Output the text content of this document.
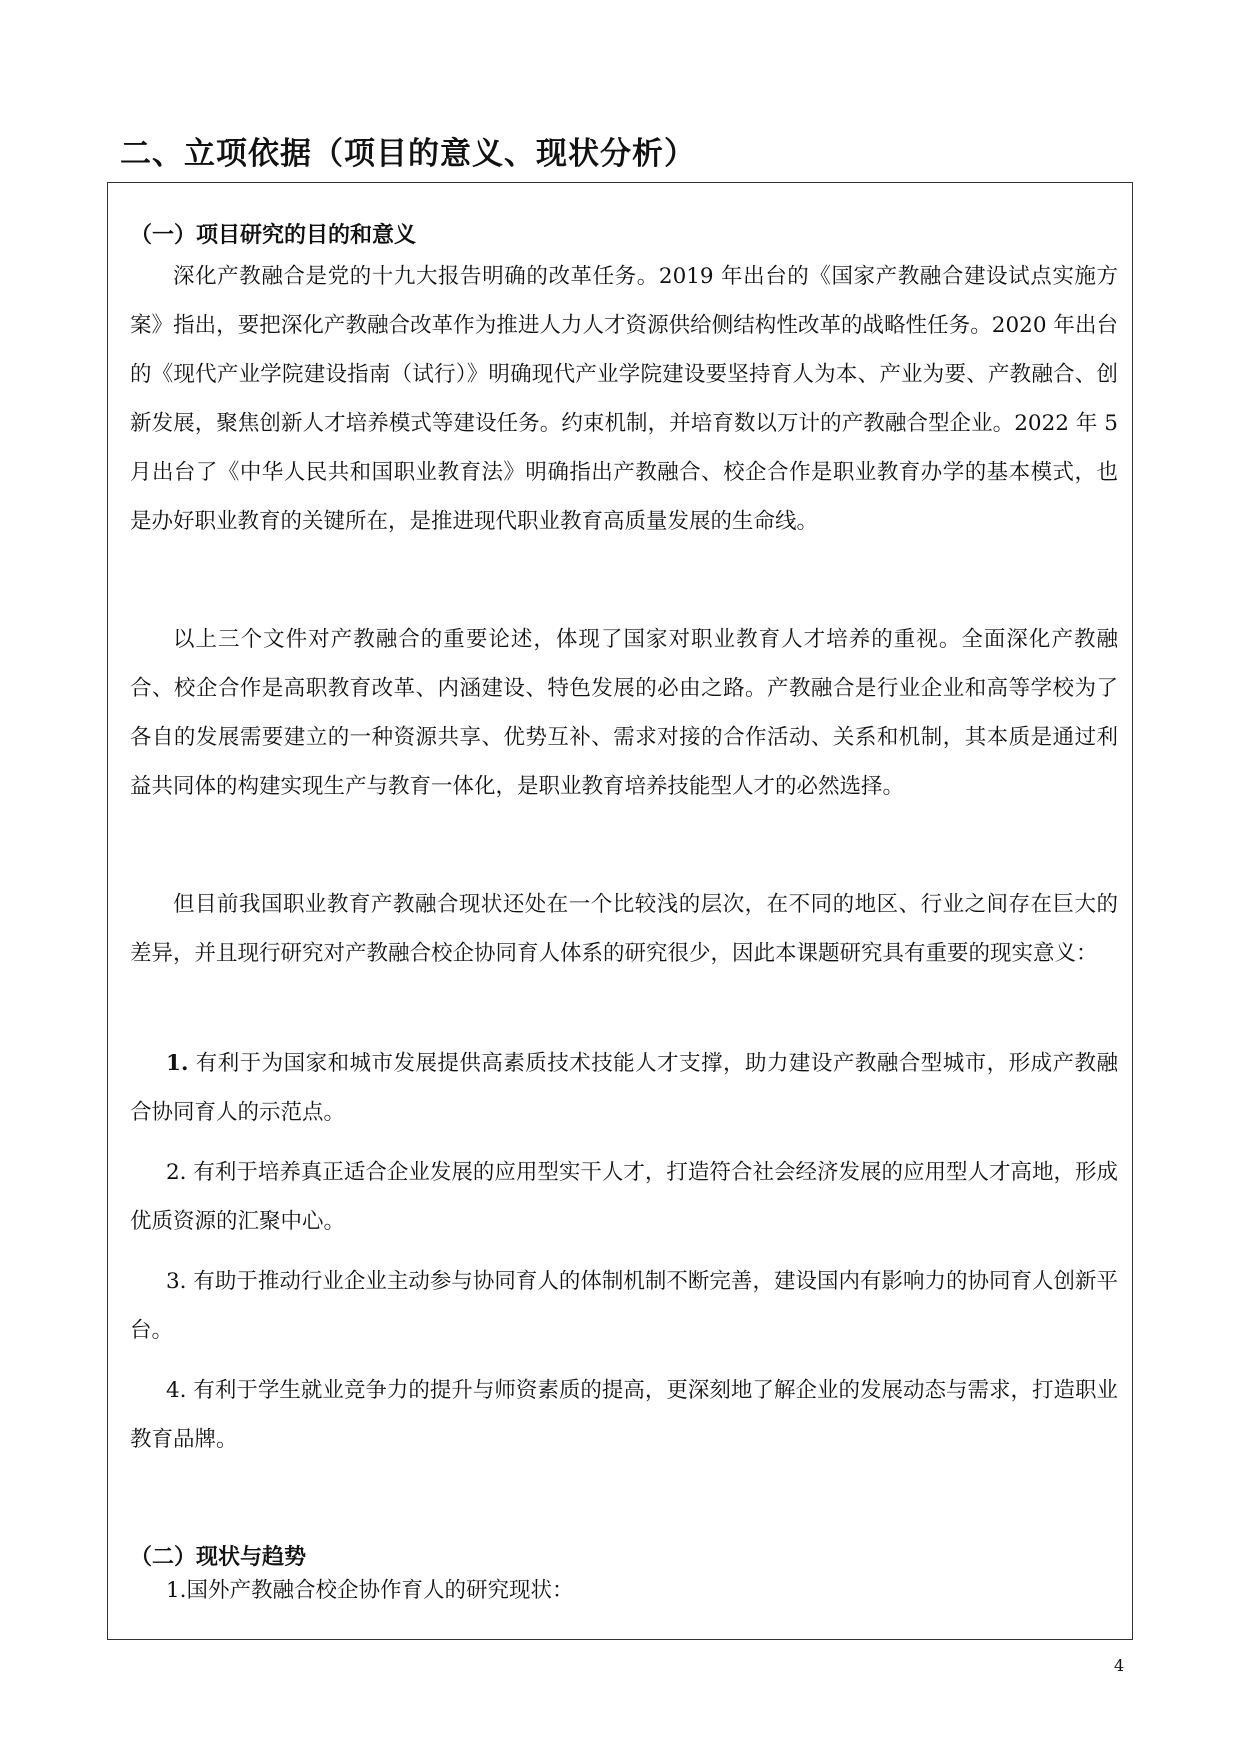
二、立项依据（项目的意义、现状分析）
（一）项目研究的目的和意义

深化产教融合是党的十九大报告明确的改革任务。2019 年出台的《国家产教融合建设试点实施方案》指出，要把深化产教融合改革作为推进人力人才资源供给侧结构性改革的战略性任务。2020 年出台的《现代产业学院建设指南（试行）》明确现代产业学院建设要坚持育人为本、产业为要、产教融合、创新发展，聚焦创新人才培养模式等建设任务。约束机制，并培育数以万计的产教融合型企业。2022 年 5 月出台了《中华人民共和国职业教育法》明确指出产教融合、校企合作是职业教育办学的基本模式，也是办好职业教育的关键所在，是推进现代职业教育高质量发展的生命线。

以上三个文件对产教融合的重要论述，体现了国家对职业教育人才培养的重视。全面深化产教融合、校企合作是高职教育改革、内涵建设、特色发展的必由之路。产教融合是行业企业和高等学校为了各自的发展需要建立的一种资源共享、优势互补、需求对接的合作活动、关系和机制，其本质是通过利益共同体的构建实现生产与教育一体化，是职业教育培养技能型人才的必然选择。

但目前我国职业教育产教融合现状还处在一个比较浅的层次，在不同的地区、行业之间存在巨大的差异，并且现行研究对产教融合校企协同育人体系的研究很少，因此本课题研究具有重要的现实意义：

1. 有利于为国家和城市发展提供高素质技术技能人才支撑，助力建设产教融合型城市，形成产教融合协同育人的示范点。

2. 有利于培养真正适合企业发展的应用型实干人才，打造符合社会经济发展的应用型人才高地，形成优质资源的汇聚中心。

3. 有助于推动行业企业主动参与协同育人的体制机制不断完善，建设国内有影响力的协同育人创新平台。

4. 有利于学生就业竞争力的提升与师资素质的提高，更深刻地了解企业的发展动态与需求，打造职业教育品牌。

（二）现状与趋势

1.国外产教融合校企协作育人的研究现状：

4
